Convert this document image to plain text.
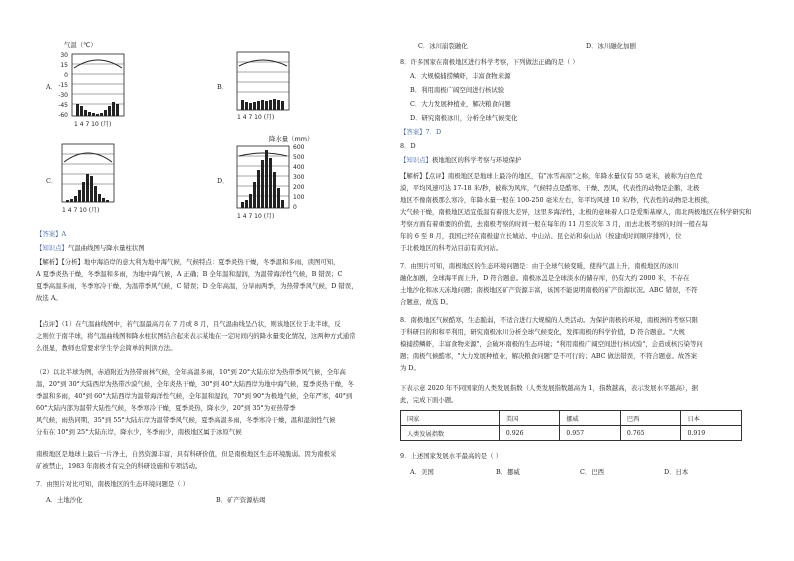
A．
气温（℃）
30
15
0
-15
-30
-45
-60
1 4 7 10 (月)
B．
1 4 7 10 (月)
C．
1 4 7 10 (月)
D．
降水量（mm）
600
500
400
300
200
100
0
1 4 7 10 (月)
【答案】A
【知识点】气温曲线图与降水量柱状图
【解析】【分析】地中海沿岸的意大利为地中海气候，气候特点：夏季炎热干燥，冬季温和多雨，读图可知，
A 夏季炎热干燥，冬季温和多雨，为地中海气候，A 正确；B 全年温和湿润，为温带海洋性气候，B 错误；C
夏季高温多雨，冬季寒冷干燥，为温带季风气候，C 错误；D 全年高温，分旱雨两季，为热带季风气候，D 错误，
故选 A。
【点评】（1）在气温曲线图中，若气温最高月在 7 月或 8 月，且气温曲线呈凸状，则该地区位于北半球，反
之则位于南半球，将气温曲线图和降水柱状图结合起来表示某地在一定时间内的降水量变化情况，这两种方式通常
么很显，教师也常要求学生学会简单的判读方法。
（2）以北半球为例，赤道附近为热带雨林气候，全年高温多雨，10°到 20°大陆东岸为热带季风气候，全年高
温，20°到 30°大陆西岸为热带沙漠气候，全年炎热干燥，30°到 40°大陆西岸为地中海气候，夏季炎热干燥，冬
季温和多雨，40°到 60°大陆西岸为温带海洋性气候，全年温和湿润，70°到 90°为极地气候，全年严寒，40°到
60°大陆内部为温带大陆性气候，冬季寒冷干燥，夏季炎热，降水少，20°到 35°为亚热带季
风气候，雨热同期，35°到 55°大陆东岸为温带季风气候，夏季高温多雨，冬季寒冷干燥，温和湿润性气候
分布在 10°到 25°大陆东岸，降水少，冬季雨少，南极地区属于冰原气候
南极地区是地球上最后一片净土，自然资源丰富，具有科研价值，但是南极地区生态环境脆弱。因为南极采
矿被禁止，1983 年南极才有完全的科研设施和专项活动。
7．由照片对比可知，南极地区的生态环境问题是（ ）
A．土地沙化	B．矿产资源枯竭
C．冰川崩裂融化	D．冰川融化加剧
8．许多国家在南极地区进行科学考察，下列做法正确的是（ ）
A．大规模捕捞鳞虾，丰富食物来源
B．利用南极广阔空间进行核试验
C．大力发展种植业，解决粮食问题
D．研究南极冰川，分析全球气候变化
【答案】7．D
8．D
【知识点】极地地区的科学考察与环境保护
【解析】【点评】南极地区是地球上最冷的地区，有"冰雪高原"之称，年降水量仅有 55 毫米，被称为白色荒
漠，平均风速可达 17-18 米/秒，被称为风库，气候特点是酷寒、干燥、烈风，代表性的动物是企鹅，北极
地区不像南极那么寒冷，年降水量一般在 100-250 毫米左右，年平均风速 10 米/秒，代表性的动物是北极熊，
大气候干燥，南极地区适宜低温有着很大差异，这里多海洋性，北极的意味着人口是爱斯基摩人，南北两极地区在科学研究和
考察方面有着重要的价值，去南极考察的时间一般在每年的 11 月至次年 3 月，而去北极考察的时间一般在每
年的 6 至 8 月，我国已经在南极建立长城站、中山站、昆仑站和泰山站（按建成时间顺序排列），位
于北极地区的科考站目前有黄河站。
7．由照片可知，南极地区的生态环境问题是：由于全球气候变暖，使得气温上升，南极地区的冰川
融化加剧，全球海平面上升，D 符合题意。南极冰盖是全球淡水的储存库，仍有大约 2000 米，不存在
土地沙化和冰天冻地问题；南极地区矿产资源丰富，该国不能说明南极的矿产资源状况。ABC 错误，不符
合题意，故选 D。
8．南极地区气候酷寒，生态脆弱，不适合进行大规模的人类活动。为保护南极的环境，南极洲的考察只限
于科研目的和和平利用，研究南极冰川分析全球气候变化，发挥南极的科学价值，D 符合题意。"大规
模捕捞鳞虾，丰富食物来源"，会破坏南极的生态环境；"利用南极广阔空间进行核试验"，会造成核污染等问
题；南极气候酷寒，"大力发展种植业，解决粮食问题"是不可行的；ABC 做法错误，不符合题意。故答案
为 D。
下表示意 2020 年不同国家的人类发展指数（人类发展指数越高为 1，指数越高，表示发展水平越高），据
此，完成下面小题。
国家	美国	挪威	巴西	日本
人类发展指数	0.926	0.957	0.765	0.919
9．上述国家发展水平最高的是（ ）
A．美国	B．挪威	C．巴西	D．日本
